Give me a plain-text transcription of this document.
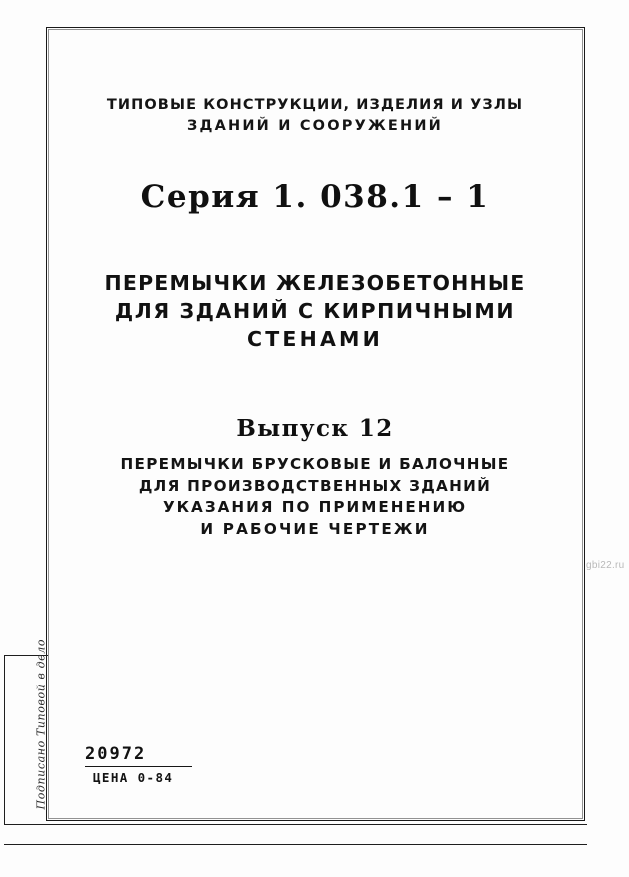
ТИПОВЫЕ КОНСТРУКЦИИ, ИЗДЕЛИЯ И УЗЛЫ
ЗДАНИЙ И СООРУЖЕНИЙ
Серия 1. 038.1 – 1
ПЕРЕМЫЧКИ ЖЕЛЕЗОБЕТОННЫЕ
ДЛЯ ЗДАНИЙ С КИРПИЧНЫМИ
СТЕНАМИ
Выпуск 12
ПЕРЕМЫЧКИ БРУСКОВЫЕ И БАЛОЧНЫЕ
ДЛЯ ПРОИЗВОДСТВЕННЫХ ЗДАНИЙ
УКАЗАНИЯ ПО ПРИМЕНЕНИЮ
И РАБОЧИЕ ЧЕРТЕЖИ
gbi22.ru
20972
ЦЕНА 0-84
Подписано Типовой в дело
